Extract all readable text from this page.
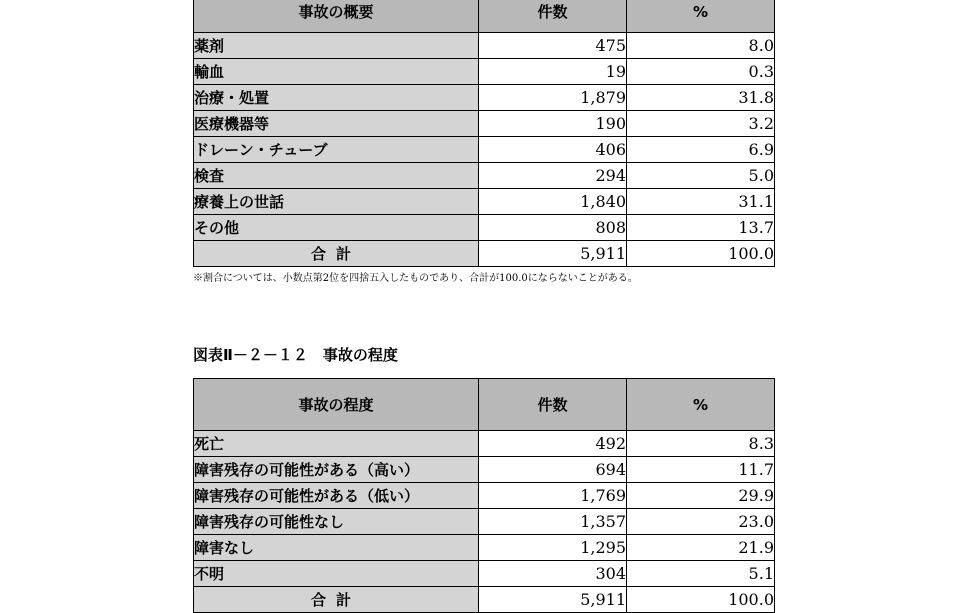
事故の概要	件数	%
薬剤	475	8.0
輸血	19	0.3
治療・処置	1,879	31.8
医療機器等	190	3.2
ドレーン・チューブ	406	6.9
検査	294	5.0
療養上の世話	1,840	31.1
その他	808	13.7
合計	5,911	100.0
※割合については、小数点第2位を四捨五入したものであり、合計が100.0にならないことがある。
図表Ⅱ－２－１２　事故の程度
事故の程度	件数	%
死亡	492	8.3
障害残存の可能性がある（高い）	694	11.7
障害残存の可能性がある（低い）	1,769	29.9
障害残存の可能性なし	1,357	23.0
障害なし	1,295	21.9
不明	304	5.1
合計	5,911	100.0
